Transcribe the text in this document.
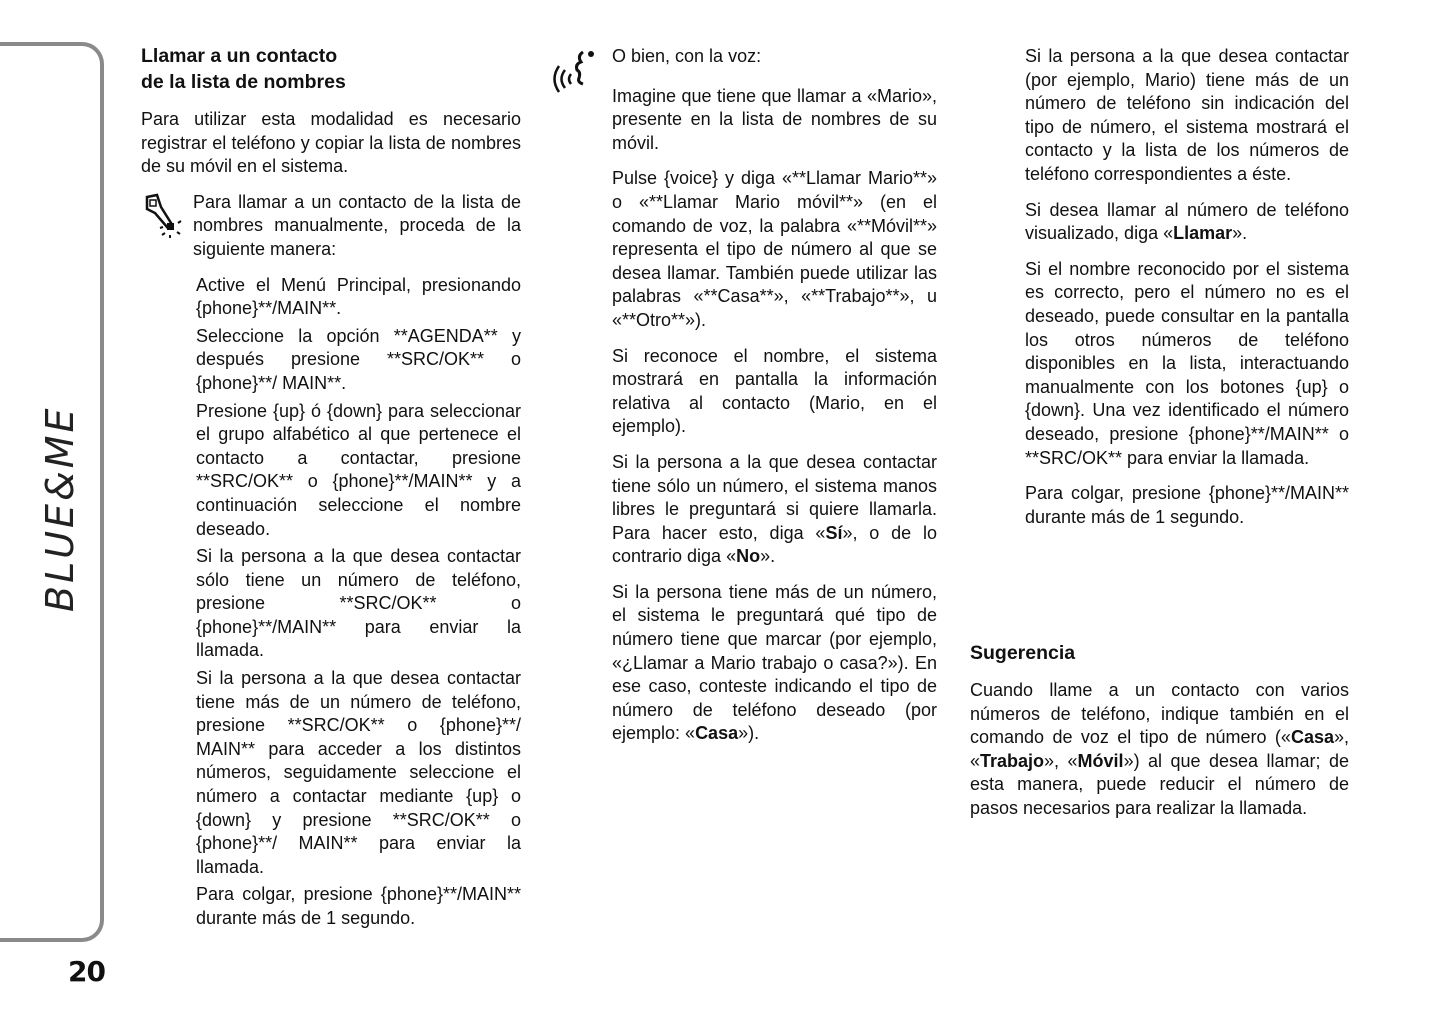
BLUE&ME
20
Llamar a un contacto
de la lista de nombres

Para utilizar esta modalidad es necesario registrar el teléfono y copiar la lista de nombres de su móvil en el sistema.

Para llamar a un contacto de la lista de nombres manualmente, proceda de la siguiente manera:

Active el Menú Principal, presionando {phone}**/MAIN**.

Seleccione la opción **AGENDA** y después presione **SRC/OK** o {phone}**/ MAIN**.

Presione {up} ó {down} para seleccionar el grupo alfabético al que pertenece el contacto a contactar, presione **SRC/OK** o {phone}**/MAIN** y a continuación seleccione el nombre deseado.

Si la persona a la que desea contactar sólo tiene un número de teléfono, presione **SRC/OK** o {phone}**/MAIN** para enviar la llamada.

Si la persona a la que desea contactar tiene más de un número de teléfono, presione **SRC/OK** o {phone}**/ MAIN** para acceder a los distintos números, seguidamente seleccione el número a contactar mediante {up} o {down} y presione **SRC/OK** o {phone}**/ MAIN** para enviar la llamada.

Para colgar, presione {phone}**/MAIN** durante más de 1 segundo.

O bien, con la voz:

Imagine que tiene que llamar a «Mario», presente en la lista de nombres de su móvil.

Pulse {voice} y diga «**Llamar Mario**» o «**Llamar Mario móvil**» (en el comando de voz, la palabra «**Móvil**» representa el tipo de número al que se desea llamar. También puede utilizar las palabras «**Casa**», «**Trabajo**», u «**Otro**»).

Si reconoce el nombre, el sistema mostrará en pantalla la información relativa al contacto (Mario, en el ejemplo).

Si la persona a la que desea contactar tiene sólo un número, el sistema manos libres le preguntará si quiere llamarla. Para hacer esto, diga «Sí», o de lo contrario diga «No».

Si la persona tiene más de un número, el sistema le preguntará qué tipo de número tiene que marcar (por ejemplo, «¿Llamar a Mario trabajo o casa?»). En ese caso, conteste indicando el tipo de número de teléfono deseado (por ejemplo: «Casa»).

Si la persona a la que desea contactar (por ejemplo, Mario) tiene más de un número de teléfono sin indicación del tipo de número, el sistema mostrará el contacto y la lista de los números de teléfono correspondientes a éste.

Si desea llamar al número de teléfono visualizado, diga «Llamar».

Si el nombre reconocido por el sistema es correcto, pero el número no es el deseado, puede consultar en la pantalla los otros números de teléfono disponibles en la lista, interactuando manualmente con los botones {up} o {down}. Una vez identificado el número deseado, presione {phone}**/MAIN** o **SRC/OK** para enviar la llamada.

Para colgar, presione {phone}**/MAIN** durante más de 1 segundo.

Sugerencia

Cuando llame a un contacto con varios números de teléfono, indique también en el comando de voz el tipo de número («Casa», «Trabajo», «Móvil») al que desea llamar; de esta manera, puede reducir el número de pasos necesarios para realizar la llamada.
